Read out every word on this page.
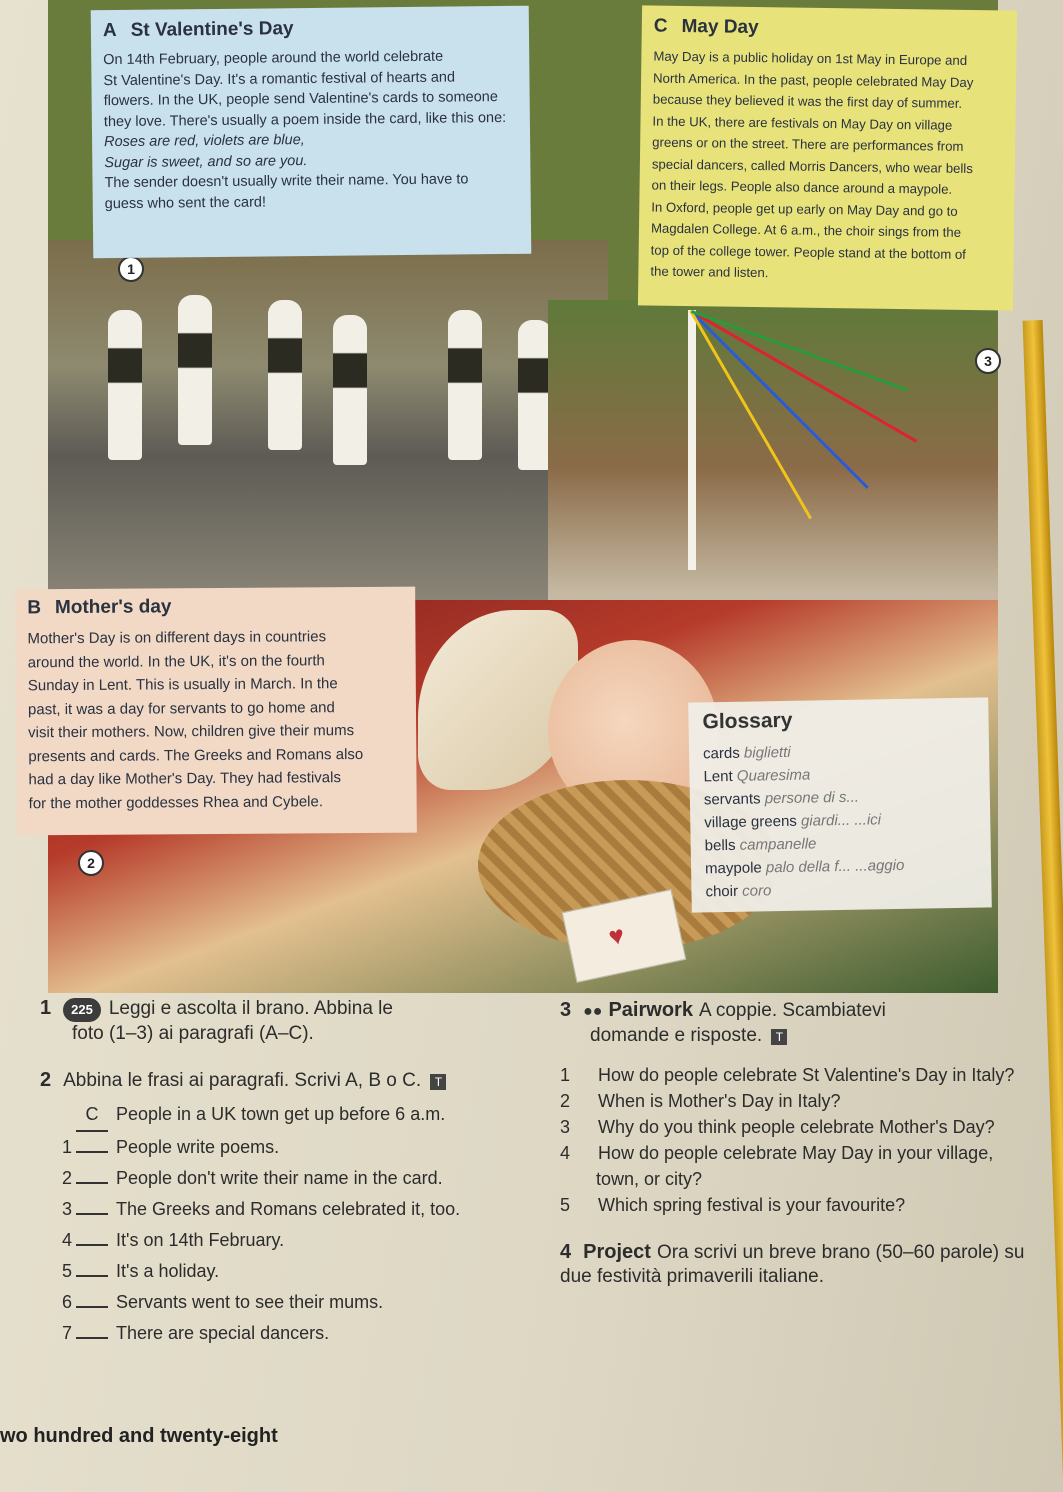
♥
1
2
3
A St Valentine's Day

On 14th February, people around the world celebrate

St Valentine's Day. It's a romantic festival of hearts and

flowers. In the UK, people send Valentine's cards to someone

they love. There's usually a poem inside the card, like this one:

Roses are red, violets are blue,

Sugar is sweet, and so are you.

The sender doesn't usually write their name. You have to

guess who sent the card!

C May Day

May Day is a public holiday on 1st May in Europe and

North America. In the past, people celebrated May Day

because they believed it was the first day of summer.

In the UK, there are festivals on May Day on village

greens or on the street. There are performances from

special dancers, called Morris Dancers, who wear bells

on their legs. People also dance around a maypole.

In Oxford, people get up early on May Day and go to

Magdalen College. At 6 a.m., the choir sings from the

top of the college tower. People stand at the bottom of

the tower and listen.

B Mother's day

Mother's Day is on different days in countries

around the world. In the UK, it's on the fourth

Sunday in Lent. This is usually in March. In the

past, it was a day for servants to go home and

visit their mothers. Now, children give their mums

presents and cards. The Greeks and Romans also

had a day like Mother's Day. They had festivals

for the mother goddesses Rhea and Cybele.

Glossary
cards biglietti
Lent Quaresima
servants persone di s...
village greens giardi... ...ici
bells campanelle
maypole palo della f... ...aggio
choir coro
1 225 Leggi e ascolta il brano. Abbina le
foto (1–3) ai paragrafi (A–C).
2 Abbina le frasi ai paragrafi. Scrivi A, B o C. T
C People in a UK town get up before 6 a.m.
1 People write poems.
2 People don't write their name in the card.
3 The Greeks and Romans celebrated it, too.
4 It's on 14th February.
5 It's a holiday.
6 Servants went to see their mums.
7 There are special dancers.
3 ●● Pairwork A coppie. Scambiatevi
domande e risposte. T
1 How do people celebrate St Valentine's Day in Italy?
2 When is Mother's Day in Italy?
3 Why do you think people celebrate Mother's Day?
4 How do people celebrate May Day in your village, town, or city?
5 Which spring festival is your favourite?
4 Project Ora scrivi un breve brano (50–60 parole) su due festività primaverili italiane.
wo hundred and twenty-eight
